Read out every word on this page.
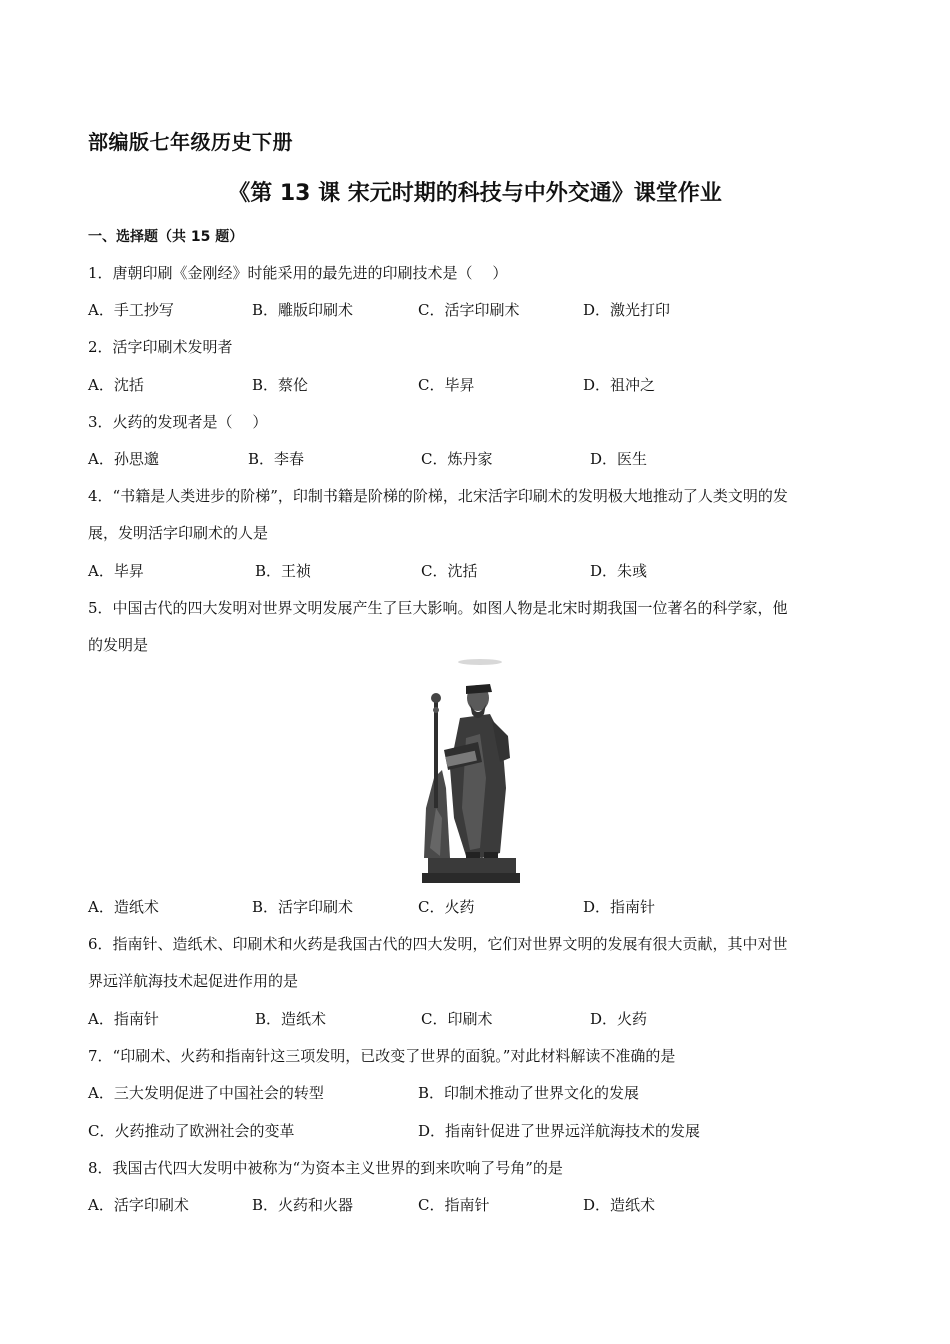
部编版七年级历史下册
《第 13 课 宋元时期的科技与中外交通》课堂作业
一、选择题（共 15 题）
1．唐朝印刷《金刚经》时能采用的最先进的印刷技术是（　 ）
A．手工抄写	B．雕版印刷术	C．活字印刷术	D．激光打印
2．活字印刷术发明者
A．沈括	B．蔡伦	C．毕昇	D．祖冲之
3．火药的发现者是（　 ）
A．孙思邈	B．李春	C．炼丹家	D．医生
4．“书籍是人类进步的阶梯”，印制书籍是阶梯的阶梯，北宋活字印刷术的发明极大地推动了人类文明的发
展，发明活字印刷术的人是
A．毕昇	B．王祯	C．沈括	D．朱彧
5．中国古代的四大发明对世界文明发展产生了巨大影响。如图人物是北宋时期我国一位著名的科学家，他
的发明是
A．造纸术	B．活字印刷术	C．火药	D．指南针
6．指南针、造纸术、印刷术和火药是我国古代的四大发明，它们对世界文明的发展有很大贡献，其中对世
界远洋航海技术起促进作用的是
A．指南针	B．造纸术	C．印刷术	D．火药
7．“印刷术、火药和指南针这三项发明，已改变了世界的面貌。”对此材料解读不准确的是
A．三大发明促进了中国社会的转型	B．印制术推动了世界文化的发展
C．火药推动了欧洲社会的变革	D．指南针促进了世界远洋航海技术的发展
8．我国古代四大发明中被称为“为资本主义世界的到来吹响了号角”的是
A．活字印刷术	B．火药和火器	C．指南针	D．造纸术
